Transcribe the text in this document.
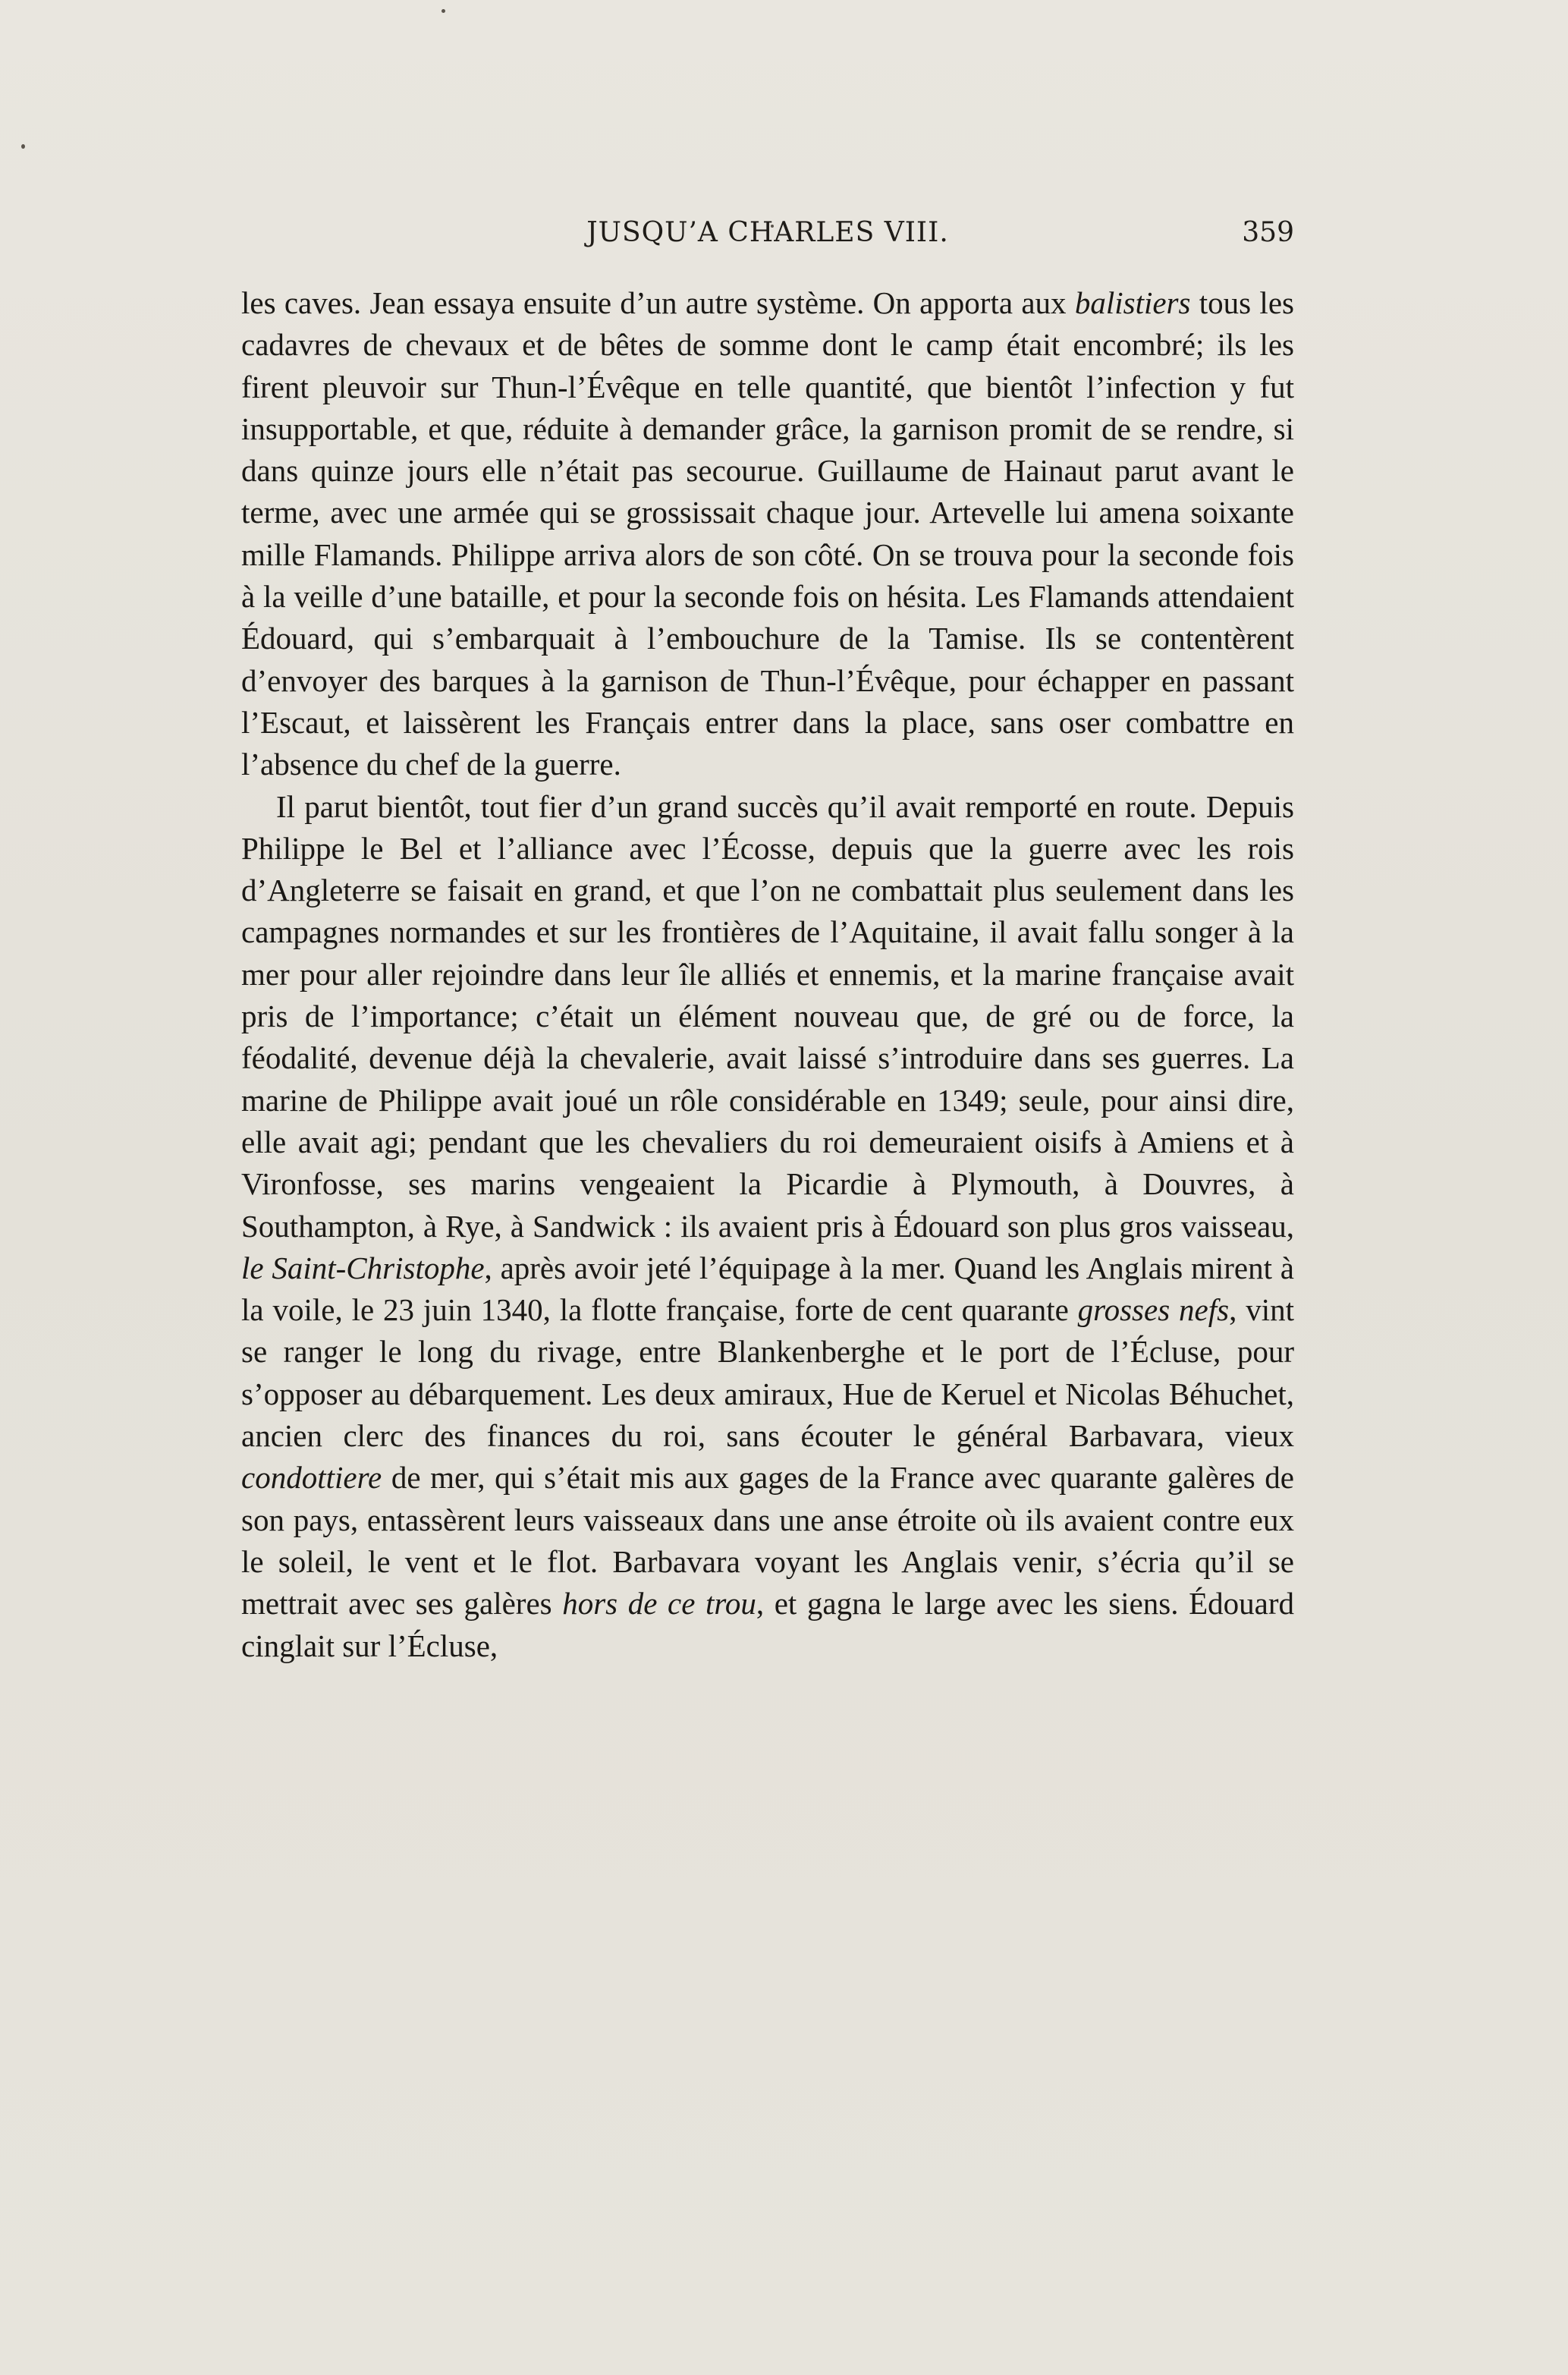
JUSQU’A CHARLES VIII.	359

les caves. Jean essaya ensuite d’un autre système. On apporta aux balistiers tous les cadavres de chevaux et de bêtes de somme dont le camp était encombré; ils les firent pleuvoir sur Thun-l’Évêque en telle quantité, que bientôt l’infection y fut insupportable, et que, réduite à demander grâce, la garnison promit de se rendre, si dans quinze jours elle n’était pas secourue. Guillaume de Hainaut parut avant le terme, avec une armée qui se grossissait chaque jour. Artevelle lui amena soixante mille Flamands. Philippe arriva alors de son côté. On se trouva pour la seconde fois à la veille d’une bataille, et pour la seconde fois on hésita. Les Flamands attendaient Édouard, qui s’embarquait à l’embouchure de la Tamise. Ils se contentèrent d’envoyer des barques à la garnison de Thun-l’Évêque, pour échapper en passant l’Escaut, et laissèrent les Français entrer dans la place, sans oser combattre en l’absence du chef de la guerre.

Il parut bientôt, tout fier d’un grand succès qu’il avait remporté en route. Depuis Philippe le Bel et l’alliance avec l’Écosse, depuis que la guerre avec les rois d’Angleterre se faisait en grand, et que l’on ne combattait plus seulement dans les campagnes normandes et sur les frontières de l’Aquitaine, il avait fallu songer à la mer pour aller rejoindre dans leur île alliés et ennemis, et la marine française avait pris de l’importance; c’était un élément nouveau que, de gré ou de force, la féodalité, devenue déjà la chevalerie, avait laissé s’introduire dans ses guerres. La marine de Philippe avait joué un rôle considérable en 1349; seule, pour ainsi dire, elle avait agi; pendant que les chevaliers du roi demeuraient oisifs à Amiens et à Vironfosse, ses marins vengeaient la Picardie à Plymouth, à Douvres, à Southampton, à Rye, à Sandwick : ils avaient pris à Édouard son plus gros vaisseau, le Saint-Christophe, après avoir jeté l’équipage à la mer. Quand les Anglais mirent à la voile, le 23 juin 1340, la flotte française, forte de cent quarante grosses nefs, vint se ranger le long du rivage, entre Blankenberghe et le port de l’Écluse, pour s’opposer au débarquement. Les deux amiraux, Hue de Keruel et Nicolas Béhuchet, ancien clerc des finances du roi, sans écouter le général Barbavara, vieux condottiere de mer, qui s’était mis aux gages de la France avec quarante galères de son pays, entassèrent leurs vaisseaux dans une anse étroite où ils avaient contre eux le soleil, le vent et le flot. Barbavara voyant les Anglais venir, s’écria qu’il se mettrait avec ses galères hors de ce trou, et gagna le large avec les siens. Édouard cinglait sur l’Écluse,
